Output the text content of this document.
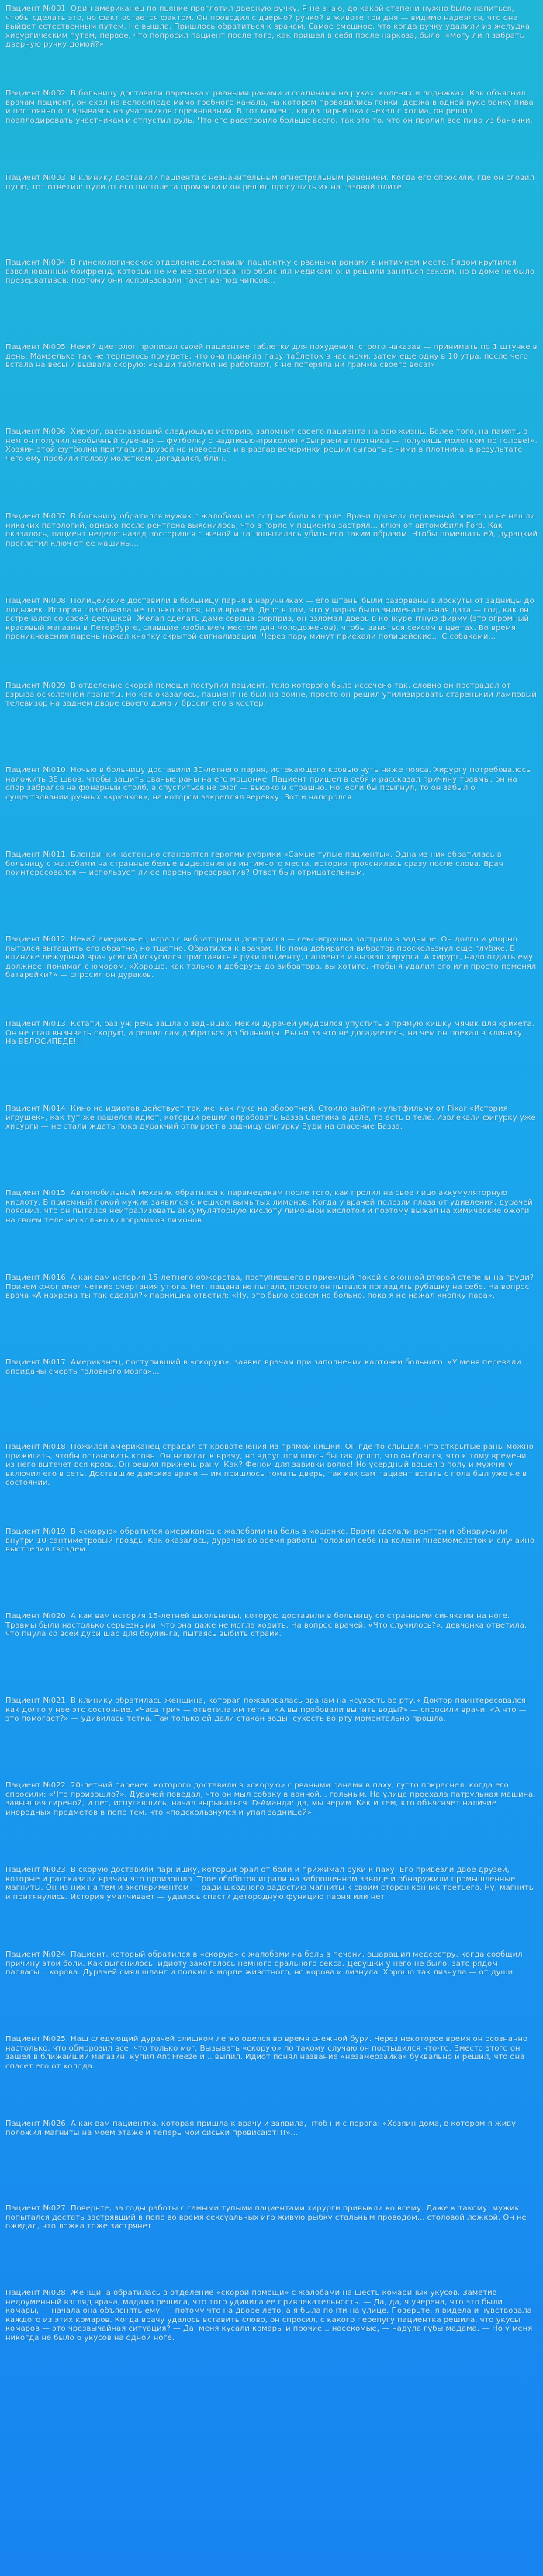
Пациент №001. Один американец по пьянке проглотил дверную ручку. Я не знаю, до какой степени нужно было напиться, чтобы сделать это, но факт остается фактом. Он проводил с дверной ручкой в животе три дня — видимо надеялся, что она выйдет естественным путем. Не вышла. Пришлось обратиться к врачам. Самое смешное, что когда ручку удалили из желудка хирургическим путем, первое, что попросил пациент после того, как пришел в себя после наркоза, было: «Могу ли я забрать дверную ручку домой?».
Пациент №002. В больницу доставили паренька с рваными ранами и ссадинами на руках, коленях и лодыжках. Как объяснил врачам пациент, он ехал на велосипеде мимо гребного канала, на котором проводились гонки, держа в одной руке банку пива и постоянно оглядываясь на участников соревнований. В тот момент, когда парнишка съехал с холма, он решил поаплодировать участникам и отпустил руль. Что его расстроило больше всего, так это то, что он пролил все пиво из баночки.
Пациент №003. В клинику доставили пациента с незначительным огнестрельным ранением. Когда его спросили, где он словил пулю, тот ответил: пули от его пистолета промокли и он решил просушить их на газовой плите...
Пациент №004. В гинекологическое отделение доставили пациентку с рваными ранами в интимном месте. Рядом крутился взволнованный бойфренд, который не менее взволнованно объяснял медикам: они решили заняться сексом, но в доме не было презервативов, поэтому они использовали пакет из-под чипсов...
Пациент №005. Некий диетолог прописал своей пациентке таблетки для похудения, строго наказав — принимать по 1 штучке в день. Мамзельке так не терпелось похудеть, что она приняла пару таблеток в час ночи, затем еще одну в 10 утра, после чего встала на весы и вызвала скорую: «Ваши таблетки не работают, я не потеряла ни грамма своего веса!»
Пациент №006. Хирург, рассказавший следующую историю, запомнит своего пациента на всю жизнь. Более того, на память о нем он получил необычный сувенир — футболку с надписью-приколом «Сыграем в плотника — получишь молотком по голове!». Хозяин этой футболки пригласил друзей на новоселье и в разгар вечеринки решил сыграть с ними в плотника, в результате чего ему пробили голову молотком. Догадался, блин.
Пациент №007. В больницу обратился мужик с жалобами на острые боли в горле. Врачи провели первичный осмотр и не нашли никаких патологий, однако после рентгена выяснилось, что в горле у пациента застрял... ключ от автомобиля Ford. Как оказалось, пациент неделю назад поссорился с женой и та попыталась убить его таким образом. Чтобы помешать ей, дурацкий проглотил ключ от ее машины...
Пациент №008. Полицейские доставили в больницу парня в наручниках — его штаны были разорваны в лоскуты от задницы до лодыжек. История позабавила не только копов, но и врачей. Дело в том, что у парня была знаменательная дата — год, как он встречался со своей девушкой. Желая сделать даме сердца сюрприз, он взломал дверь в конкурентную фирму (это огромный красивый магазин в Петербурге, славшие изобилием местом для молодоженов), чтобы заняться сексом в цветах. Во время проникновения парень нажал кнопку скрытой сигнализации. Через пару минут приехали полицейские... С собаками...
Пациент №009. В отделение скорой помощи поступил пациент, тело которого было иссечено так, словно он пострадал от взрыва осколочной гранаты. Но как оказалось, пациент не был на войне, просто он решил утилизировать старенький ламповый телевизор на заднем дворе своего дома и бросил его в костер.
Пациент №010. Ночью в больницу доставили 30-летнего парня, истекающего кровью чуть ниже пояса. Хирургу потребовалось наложить 38 швов, чтобы зашить рваные раны на его мошонке. Пациент пришел в себя и рассказал причину травмы: он на спор забрался на фонарный столб, а спуститься не смог — высоко и страшно. Но, если бы прыгнул, то он забыл о существовании ручных «крючков», на котором закреплял веревку. Вот и напоролся.
Пациент №011. Блондинки частенько становятся героями рубрики «Самые тупые пациенты». Одна из них обратилась в больницу с жалобами на странные белые выделения из интимного места, история прояснилась сразу после слова. Врач поинтересовался — использует ли ее парень презерватив? Ответ был отрицательным.
Пациент №012. Некий американец играл с вибратором и доигрался — секс-игрушка застряла в заднице. Он долго и упорно пытался вытащить его обратно, но тщетно. Обратился к врачам. Но пока добирался вибратор проскользнул еще глубже. В клинике дежурный врач усилий искусился приставить в руки пациенту, пациента и вызвал хирурга. А хирург, надо отдать ему должное, понимал с юмором. «Хорошо, как только я доберусь до вибратора, вы хотите, чтобы я удалил его или просто поменял батарейки?» — спросил он дураков.
Пациент №013. Кстати, раз уж речь зашла о задницах. Некий дурачей умудрился упустить в прямую кишку мячик для крикета. Он не стал вызывать скорую, а решил сам добраться до больницы. Вы ни за что не догадаетесь, на чем он поехал в клинику.... На ВЕЛОСИПЕДЕ!!!
Пациент №014. Кино не идиотов действует так же, как лука на оборотней. Стоило выйти мультфильму от Pixar «История игрушек», как тут же нашелся идиот, который решил опробовать Базза Светика в деле, то есть в теле. Извлекали фигурку уже хирурги — не стали ждать пока дуракчий отпирает в задницу фигурку Вуди на спасение Базза.
Пациент №015. Автомобильный механик обратился к парамедикам после того, как пролил на свое лицо аккумуляторную кислоту. В приемный покой мужик заявился с мешком вымытых лимонов. Когда у врачей полезли глаза от удивления, дурачей пояснил, что он пытался нейтрализовать аккумуляторную кислоту лимонной кислотой и поэтому выжал на химические ожоги на своем теле несколько килограммов лимонов.
Пациент №016. А как вам история 15-летнего обжорства, поступившего в приемный покой с оконной второй степени на груди? Причем ожог имел четкие очертания утюга. Нет, пацана не пытали, просто он пытался погладить рубашку на себе. На вопрос врача «А нахрена ты так сделал?» парнишка ответил: «Ну, это было совсем не больно, пока я не нажал кнопку пара».
Пациент №017. Американец, поступивший в «скорую», заявил врачам при заполнении карточки больного: «У меня перевали опоиданы смерть головного мозга»...
Пациент №018. Пожилой американец страдал от кровотечения из прямой кишки. Он где-то слышал, что открытые раны можно прижигать, чтобы остановить кровь. Он написал к врачу, но вдруг пришлось бы так долго, что он боялся, что к тому времени из него вытечет вся кровь. Он решил прижечь рану. Как? Феном для завивки волос! Но усердный вошел в полу и мужчину включил его в сеть. Доставшие дамские врачи — им пришлось помать дверь, так как сам пациент встать с пола был уже не в состоянии.
Пациент №019. В «скорую» обратился американец с жалобами на боль в мошонке. Врачи сделали рентген и обнаружили внутри 10-сантиметровый гвоздь. Как оказалось, дурачей во время работы положил себе на колени пневмомолоток и случайно выстрелил гвоздем.
Пациент №020. А как вам история 15-летней школьницы, которую доставили в больницу со странными синяками на ноге. Травмы были настолько серьезными, что она даже не могла ходить. На вопрос врачей: «Что случилось?», девчонка ответила, что пнула со всей дури шар для боулинга, пытаясь выбить страйк.
Пациент №021. В клинику обратилась женщина, которая пожаловалась врачам на «сухость во рту.» Доктор поинтересовался: как долго у нее это состояние. «Часа три» — ответила им тетка. «А вы пробовали выпить воды?» — спросили врачи. «А что — это помогает?» — удивилась тетка. Так только ей дали стакан воды, сухость во рту моментально прошла.
Пациент №022. 20-летний паренек, которого доставили в «скорую» с рваными ранами в паху, густо покраснел, когда его спросили: «Что произошло?». Дурачей поведал, что он мыл собаку в ванной... гольным. На улице проехала патрульная машина, завывшая сиреной, и пес, испугавшись, начал вырываться. D-Аманда: да, мы верим. Как и тем, кто объясняет наличие инородных предметов в попе тем, что «подскользнулся и упал задницей».
Пациент №023. В скорую доставили парнишку, который орал от боли и прижимал руки к паху. Его привезли двое друзей, которые и рассказали врачам что произошло. Трое обоботов играли на заброшенном заводе и обнаружили промышленные магниты. Он из них на тем и экспериментом — ради шкодного радостию магниты к своим сторон кончик третьего. Ну, магниты и притянулись. История умалчивает — удалось спасти детородную функцию парня или нет.
Пациент №024. Пациент, который обратился в «скорую» с жалобами на боль в печени, ошарашил медсестру, когда сообщил причину этой боли. Как выяснилось, идиоту захотелось немного орального секса. Девушки у него не было, зато рядом пасласы... корова. Дурачей смял шланг и подкил в морде животного, но корова и лизнула. Хорошо так лизнула — от души.
Пациент №025. Наш следующий дурачей слишком легко оделся во время снежной бури. Через некоторое время он осознанно настолько, что обморозил все, что только мог. Вызывать «скорую» по такому случаю он постыдился что-то. Вместо этого он зашел в ближайший магазин, купил AntiFreeze и... выпил. Идиот понял название «незамерзайка» буквально и решил, что она спасет его от холода.
Пациент №026. А как вам пациентка, которая пришла к врачу и заявила, чтоб ни с порога: «Хозяин дома, в котором я живу, положил магниты на моем этаже и теперь мои сиськи провисают!!!»...
Пациент №027. Поверьте, за годы работы с самыми тупыми пациентами хирурги привыкли ко всему. Даже к такому: мужик попытался достать застрявший в попе во время сексуальных игр живую рыбку стальным проводом... столовой ложкой. Он не ожидал, что ложка тоже застрянет.
Пациент №028. Женщина обратилась в отделение «скорой помощи» с жалобами на шесть комариных укусов. Заметив недоуменный взгляд врача, мадама решила, что того удивила ее привлекательность. — Да, да, я уверена, что это были комары, — начала она объяснять ему, — потому что на дворе лето, а я была почти на улице. Поверьте, я видела и чувствовала каждого из этих комаров. Когда врачу удалось вставить слово, он спросил, с какого перепугу пациентка решила, что укусы комаров — это чрезвычайная ситуация? — Да, меня кусали комары и прочие... насекомые, — надула губы мадама. — Но у меня никогда не было 6 укусов на одной ноге.
